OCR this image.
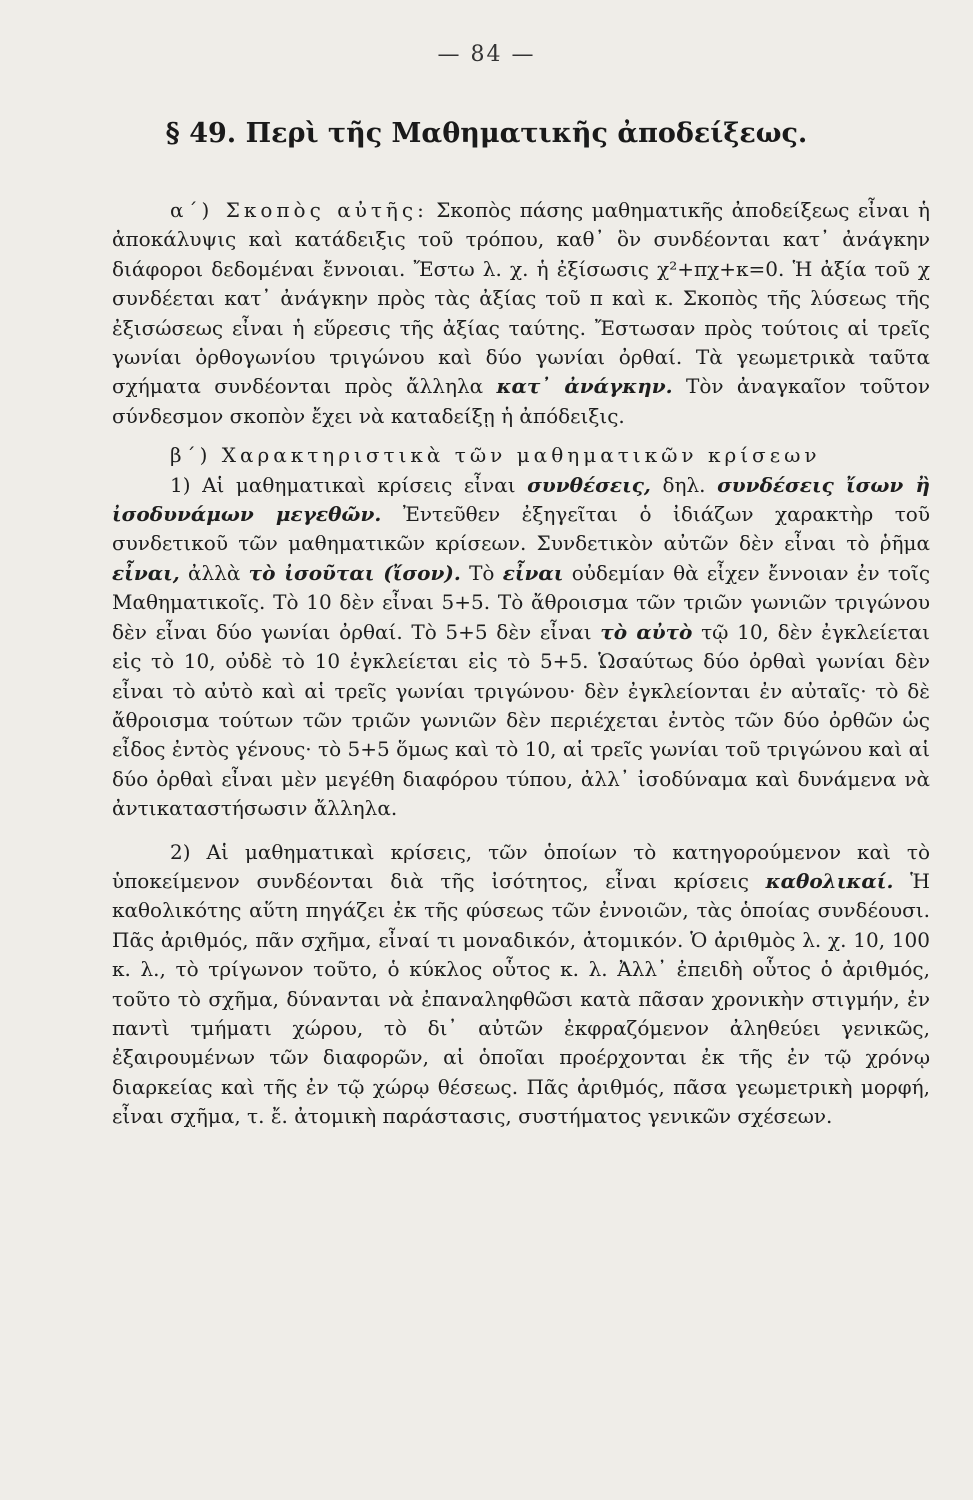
— 84 —
§ 49. Περὶ τῆς Μαθηματικῆς ἀποδείξεως.

α΄) Σκοπὸς αὐτῆς: Σκοπὸς πάσης μαθηματικῆς ἀποδείξεως εἶναι ἡ ἀποκάλυψις καὶ κατάδειξις τοῦ τρόπου, καθ᾽ ὃν συνδέονται κατ᾽ ἀνάγκην διάφοροι δεδομέναι ἔννοιαι. Ἔστω λ. χ. ἡ ἐξίσωσις χ²+πχ+κ=0. Ἡ ἀξία τοῦ χ συνδέεται κατ᾽ ἀνάγκην πρὸς τὰς ἀξίας τοῦ π καὶ κ. Σκοπὸς τῆς λύσεως τῆς ἐξισώσεως εἶναι ἡ εὕρεσις τῆς ἀξίας ταύτης. Ἔστωσαν πρὸς τούτοις αἱ τρεῖς γωνίαι ὀρθογωνίου τριγώνου καὶ δύο γωνίαι ὀρθαί. Τὰ γεωμετρικὰ ταῦτα σχήματα συνδέονται πρὸς ἄλληλα κατ᾽ ἀνάγκην. Τὸν ἀναγκαῖον τοῦτον σύνδεσμον σκοπὸν ἔχει νὰ καταδείξῃ ἡ ἀπόδειξις.

β΄) Χαρακτηριστικὰ τῶν μαθηματικῶν κρίσεων

1) Αἱ μαθηματικαὶ κρίσεις εἶναι συνθέσεις, δηλ. συνδέσεις ἴσων ἢ ἰσοδυνάμων μεγεθῶν. Ἐντεῦθεν ἐξηγεῖται ὁ ἰδιάζων χαρακτὴρ τοῦ συνδετικοῦ τῶν μαθηματικῶν κρίσεων. Συνδετικὸν αὐτῶν δὲν εἶναι τὸ ῥῆμα εἶναι, ἀλλὰ τὸ ἰσοῦται (ἴσον). Τὸ εἶναι οὐδεμίαν θὰ εἶχεν ἔννοιαν ἐν τοῖς Μαθηματικοῖς. Τὸ 10 δὲν εἶναι 5+5. Τὸ ἄθροισμα τῶν τριῶν γωνιῶν τριγώνου δὲν εἶναι δύο γωνίαι ὀρθαί. Τὸ 5+5 δὲν εἶναι τὸ αὐτὸ τῷ 10, δὲν ἐγκλείεται εἰς τὸ 10, οὐδὲ τὸ 10 ἐγκλείεται εἰς τὸ 5+5. Ὡσαύτως δύο ὀρθαὶ γωνίαι δὲν εἶναι τὸ αὐτὸ καὶ αἱ τρεῖς γωνίαι τριγώνου· δὲν ἐγκλείονται ἐν αὐταῖς· τὸ δὲ ἄθροισμα τούτων τῶν τριῶν γωνιῶν δὲν περιέχεται ἐντὸς τῶν δύο ὀρθῶν ὡς εἶδος ἐντὸς γένους· τὸ 5+5 ὅμως καὶ τὸ 10, αἱ τρεῖς γωνίαι τοῦ τριγώνου καὶ αἱ δύο ὀρθαὶ εἶναι μὲν μεγέθη διαφόρου τύπου, ἀλλ᾽ ἰσοδύναμα καὶ δυνάμενα νὰ ἀντικαταστήσωσιν ἄλληλα.

2) Αἱ μαθηματικαὶ κρίσεις, τῶν ὁποίων τὸ κατηγορούμενον καὶ τὸ ὑποκείμενον συνδέονται διὰ τῆς ἰσότητος, εἶναι κρίσεις καθολικαί. Ἡ καθολικότης αὕτη πηγάζει ἐκ τῆς φύσεως τῶν ἐννοιῶν, τὰς ὁποίας συνδέουσι. Πᾶς ἀριθμός, πᾶν σχῆμα, εἶναί τι μοναδικόν, ἀτομικόν. Ὁ ἀριθμὸς λ. χ. 10, 100 κ. λ., τὸ τρίγωνον τοῦτο, ὁ κύκλος οὗτος κ. λ. Ἀλλ᾽ ἐπειδὴ οὗτος ὁ ἀριθμός, τοῦτο τὸ σχῆμα, δύνανται νὰ ἐπαναληφθῶσι κατὰ πᾶσαν χρονικὴν στιγμήν, ἐν παντὶ τμήματι χώρου, τὸ δι᾽ αὐτῶν ἐκφραζόμενον ἀληθεύει γενικῶς, ἐξαιρουμένων τῶν διαφορῶν, αἱ ὁποῖαι προέρχονται ἐκ τῆς ἐν τῷ χρόνῳ διαρκείας καὶ τῆς ἐν τῷ χώρῳ θέσεως. Πᾶς ἀριθμός, πᾶσα γεωμετρικὴ μορφή, εἶναι σχῆμα, τ. ἔ. ἀτομικὴ παράστασις, συστήματος γενικῶν σχέσεων.
